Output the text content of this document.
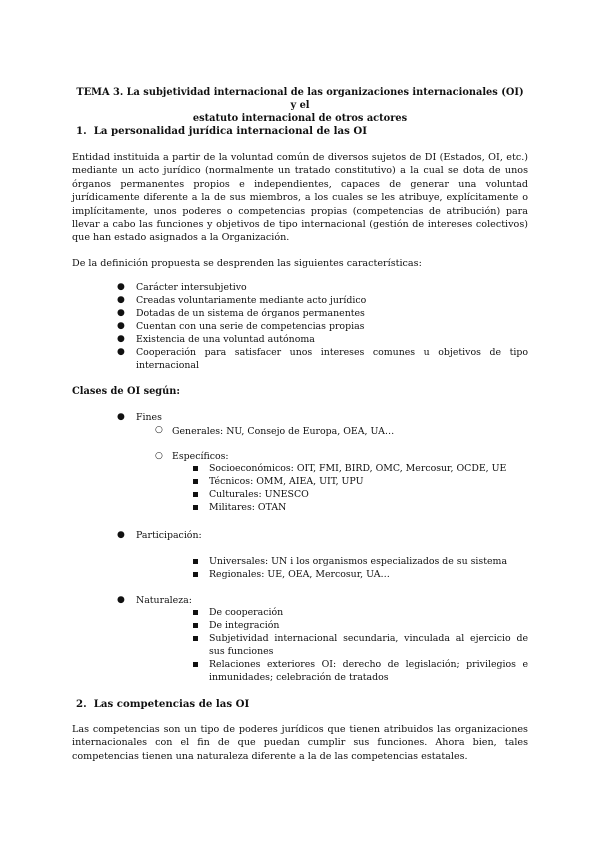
TEMA 3. La subjetividad internacional de las organizaciones internacionales (OI) y el
estatuto internacional de otros actores
1. La personalidad jurídica internacional de las OI
Entidad instituida a partir de la voluntad común de diversos sujetos de DI (Estados, OI, etc.) mediante un acto jurídico (normalmente un tratado constitutivo) a la cual se dota de unos órganos permanentes propios e independientes, capaces de generar una voluntad jurídicamente diferente a la de sus miembros, a los cuales se les atribuye, explícitamente o implícitamente, unos poderes o competencias propias (competencias de atribución) para llevar a cabo las funciones y objetivos de tipo internacional (gestión de intereses colectivos) que han estado asignados a la Organización.
De la definición propuesta se desprenden las siguientes características:
● Carácter intersubjetivo
● Creadas voluntariamente mediante acto jurídico
● Dotadas de un sistema de órganos permanentes
● Cuentan con una serie de competencias propias
● Existencia de una voluntad autónoma
● Cooperación para satisfacer unos intereses comunes u objetivos de tipo internacional
Clases de OI según:
● Fines
○ Generales: NU, Consejo de Europa, OEA, UA…
○ Específicos:
Socioeconómicos: OIT, FMI, BIRD, OMC, Mercosur, OCDE, UE
Técnicos: OMM, AIEA, UIT, UPU
Culturales: UNESCO
Militares: OTAN
● Participación:
Universales: UN i los organismos especializados de su sistema
Regionales: UE, OEA, Mercosur, UA…
● Naturaleza:
De cooperación
De integración
Subjetividad internacional secundaria, vinculada al ejercicio de sus funciones
Relaciones exteriores OI: derecho de legislación; privilegios e inmunidades; celebración de tratados
2. Las competencias de las OI
Las competencias son un tipo de poderes jurídicos que tienen atribuidos las organizaciones internacionales con el fin de que puedan cumplir sus funciones. Ahora bien, tales competencias tienen una naturaleza diferente a la de las competencias estatales.
